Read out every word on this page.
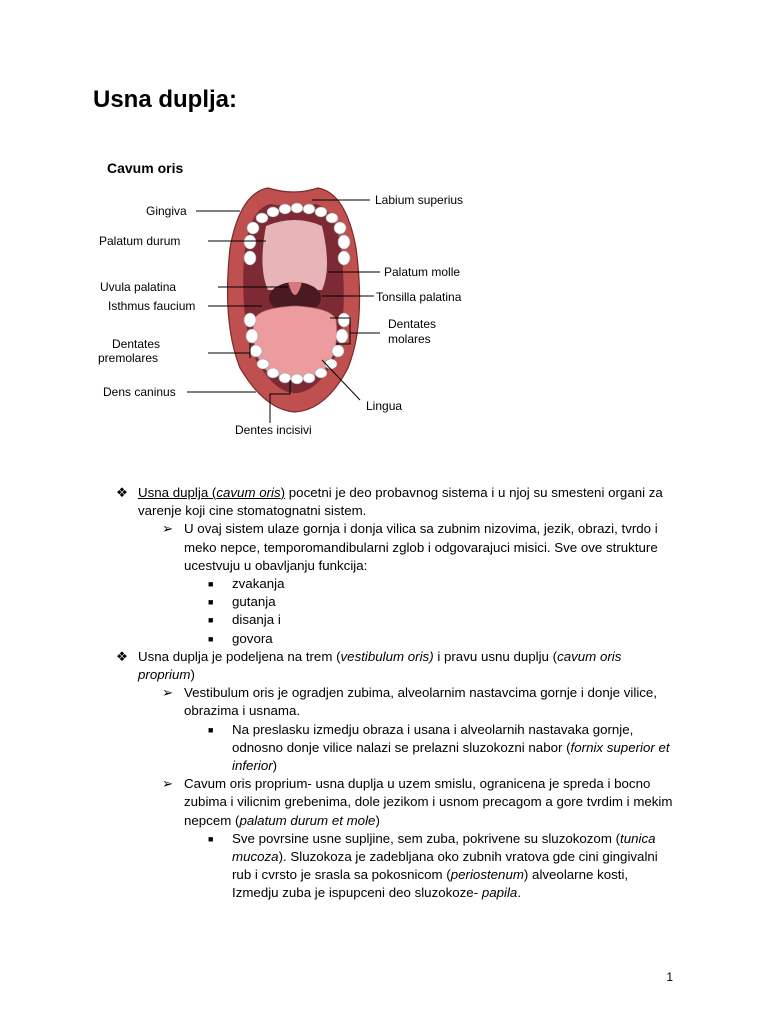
Usna duplja:
Cavum oris
Gingiva
Palatum durum
Uvula palatina
Isthmus faucium
Dentates
premolares
Dens caninus
Dentes incisivi
Labium superius
Palatum molle
Tonsilla palatina
Dentates
molares
Lingua
❖ Usna duplja (cavum oris) pocetni je deo probavnog sistema i u njoj su smesteni organi za varenje koji cine stomatognatni sistem.
➢ U ovaj sistem ulaze gornja i donja vilica sa zubnim nizovima, jezik, obrazi, tvrdo i meko nepce, temporomandibularni zglob i odgovarajuci misici. Sve ove strukture ucestvuju u obavljanju funkcija:
■	zvakanja
■	gutanja
■	disanja i
■	govora
❖ Usna duplja je podeljena na trem (vestibulum oris) i pravu usnu duplju (cavum oris proprium)
➢ Vestibulum oris je ogradjen zubima, alveolarnim nastavcima gornje i donje vilice, obrazima i usnama.
■	Na preslasku izmedju obraza i usana i alveolarnih nastavaka gornje, odnosno donje vilice nalazi se prelazni sluzokozni nabor (fornix superior et inferior)
➢ Cavum oris proprium- usna duplja u uzem smislu, ogranicena je spreda i bocno zubima i vilicnim grebenima, dole jezikom i usnom precagom a gore tvrdim i mekim nepcem (palatum durum et mole)
■	Sve povrsine usne supljine, sem zuba, pokrivene su sluzokozom (tunica mucoza). Sluzokoza je zadebljana oko zubnih vratova gde cini gingivalni rub i cvrsto je srasla sa pokosnicom (periostenum) alveolarne kosti, Izmedju zuba je ispupceni deo sluzokoze- papila.
1
